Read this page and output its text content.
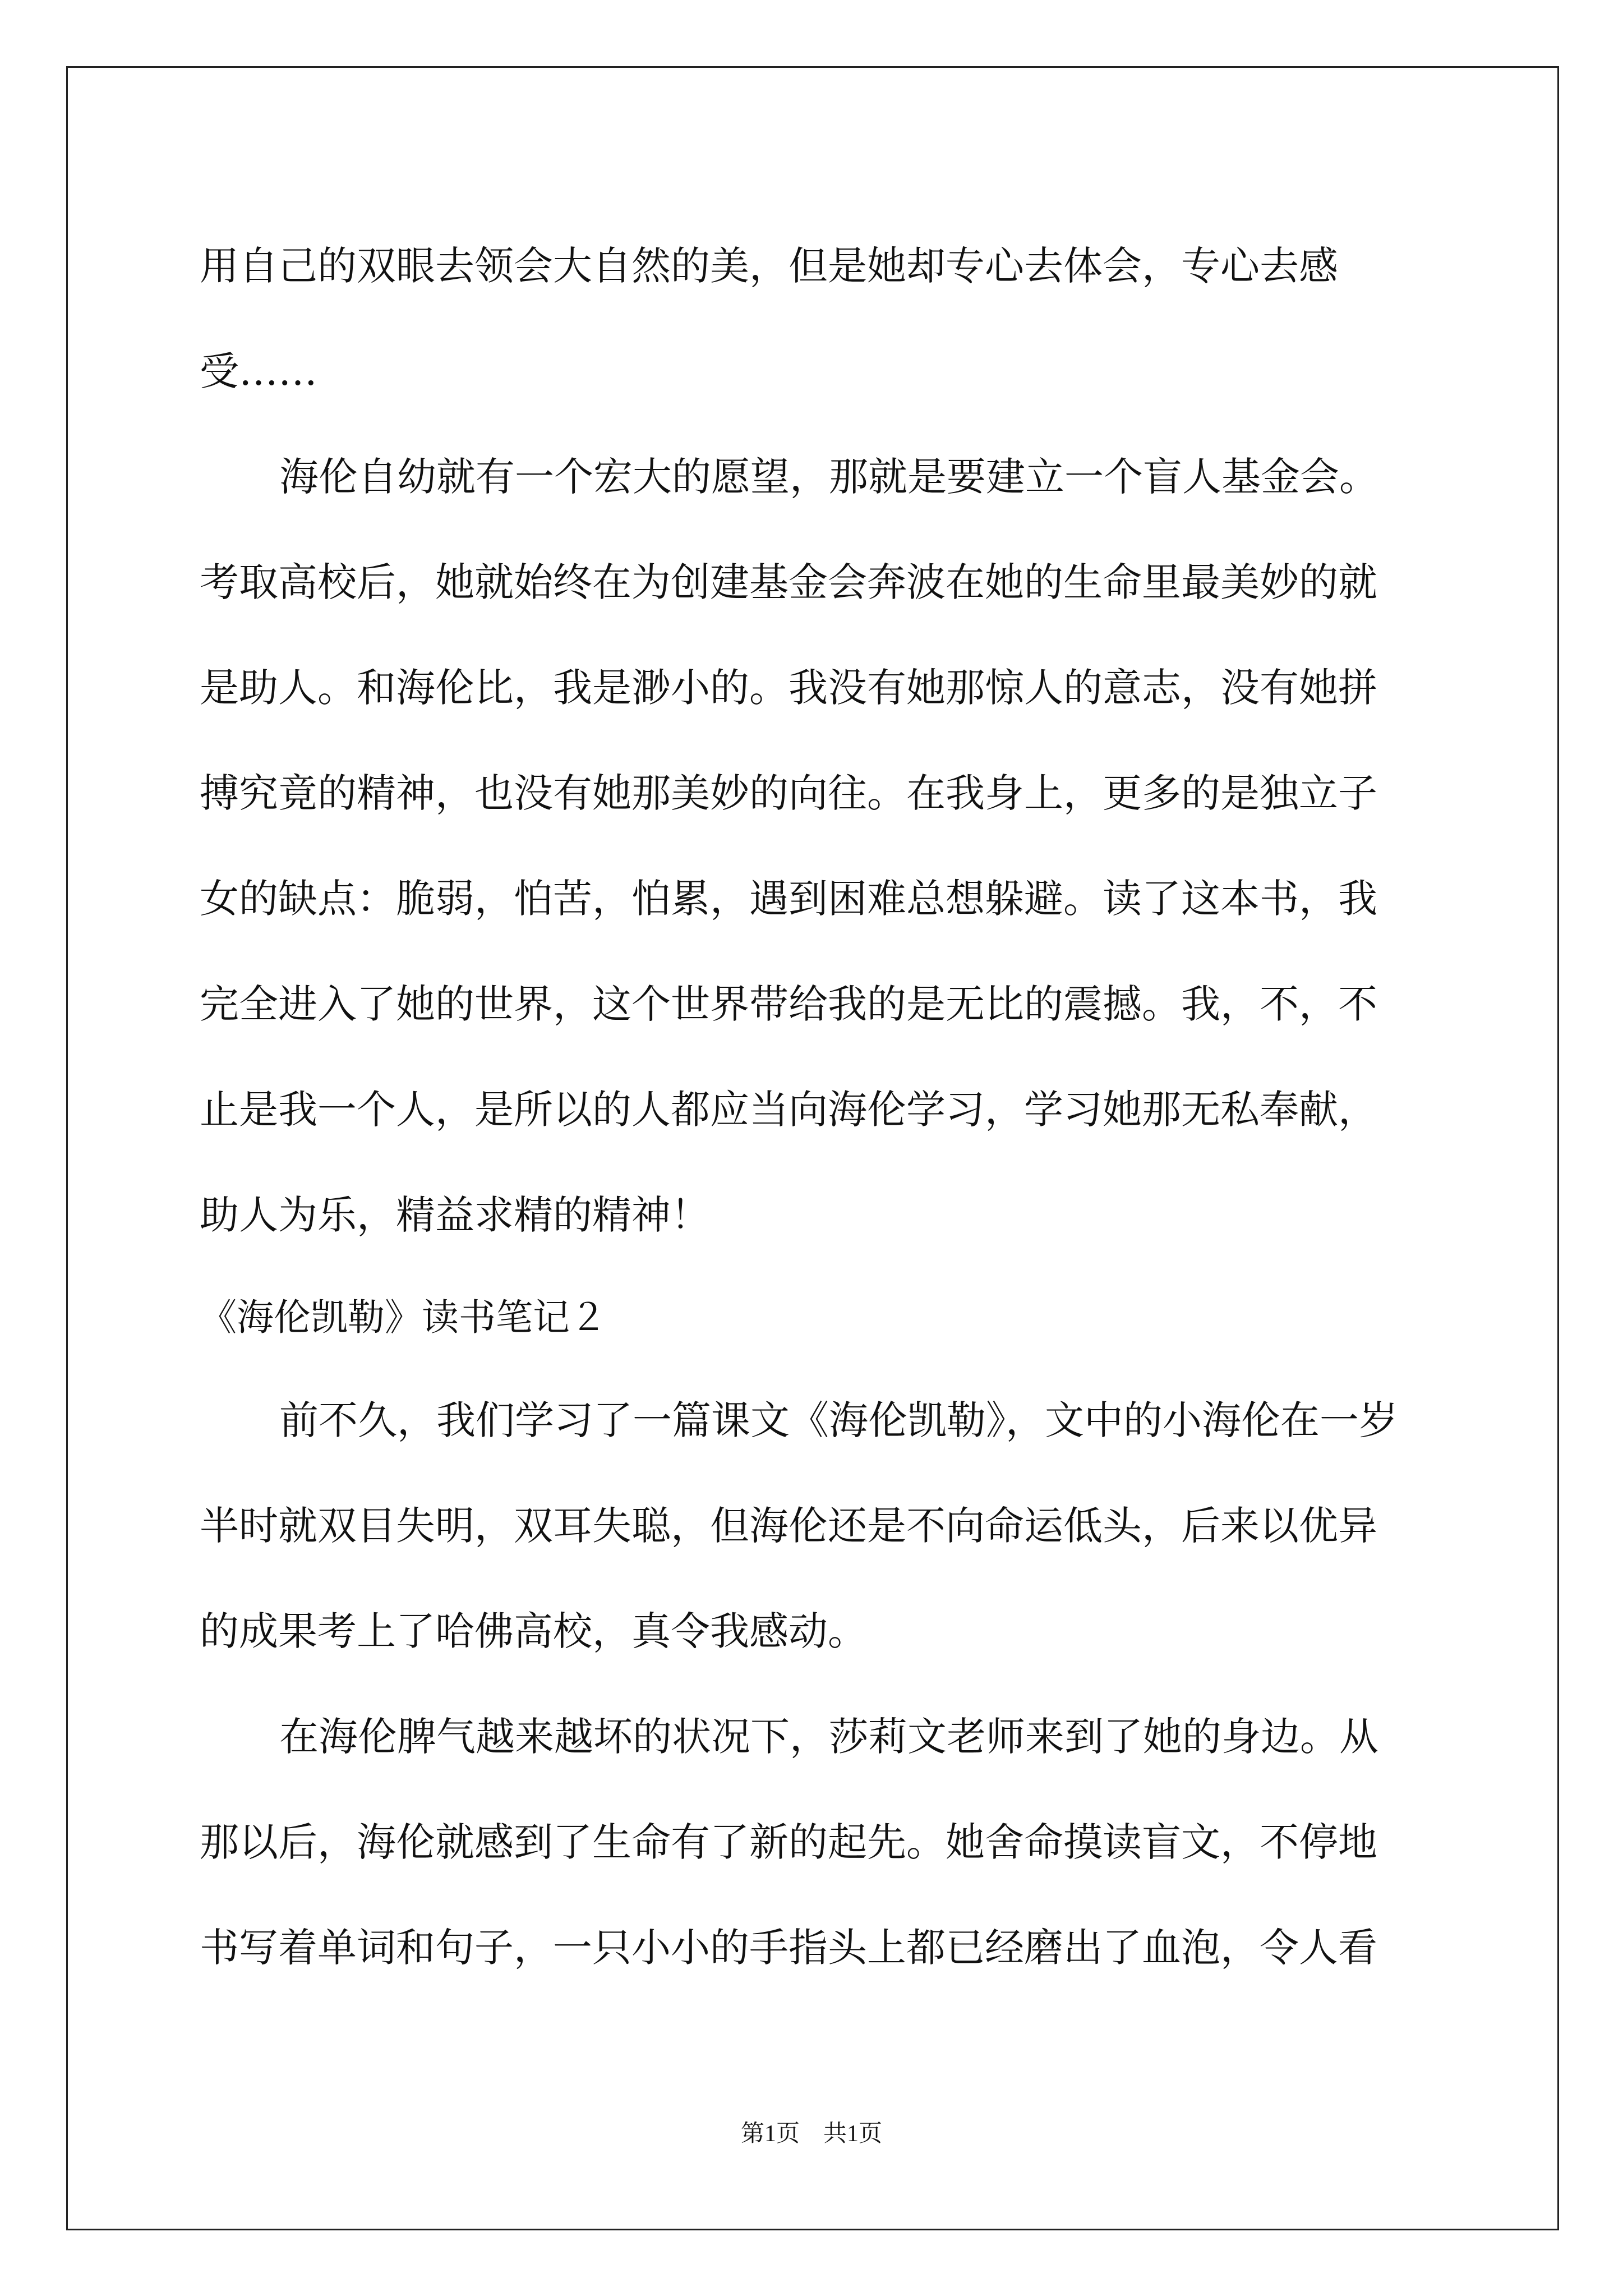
用自己的双眼去领会大自然的美，但是她却专心去体会，专心去感
受……
海伦自幼就有一个宏大的愿望，那就是要建立一个盲人基金会。
考取高校后，她就始终在为创建基金会奔波在她的生命里最美妙的就
是助人。和海伦比，我是渺小的。我没有她那惊人的意志，没有她拼
搏究竟的精神，也没有她那美妙的向往。在我身上，更多的是独立子
女的缺点：脆弱，怕苦，怕累，遇到困难总想躲避。读了这本书，我
完全进入了她的世界，这个世界带给我的是无比的震撼。我，不，不
止是我一个人，是所以的人都应当向海伦学习，学习她那无私奉献，
助人为乐，精益求精的精神！
《海伦凯勒》读书笔记２
前不久，我们学习了一篇课文《海伦凯勒》，文中的小海伦在一岁
半时就双目失明，双耳失聪，但海伦还是不向命运低头，后来以优异
的成果考上了哈佛高校，真令我感动。
在海伦脾气越来越坏的状况下，莎莉文老师来到了她的身边。从
那以后，海伦就感到了生命有了新的起先。她舍命摸读盲文，不停地
书写着单词和句子，一只小小的手指头上都已经磨出了血泡，令人看
第1页　共1页
